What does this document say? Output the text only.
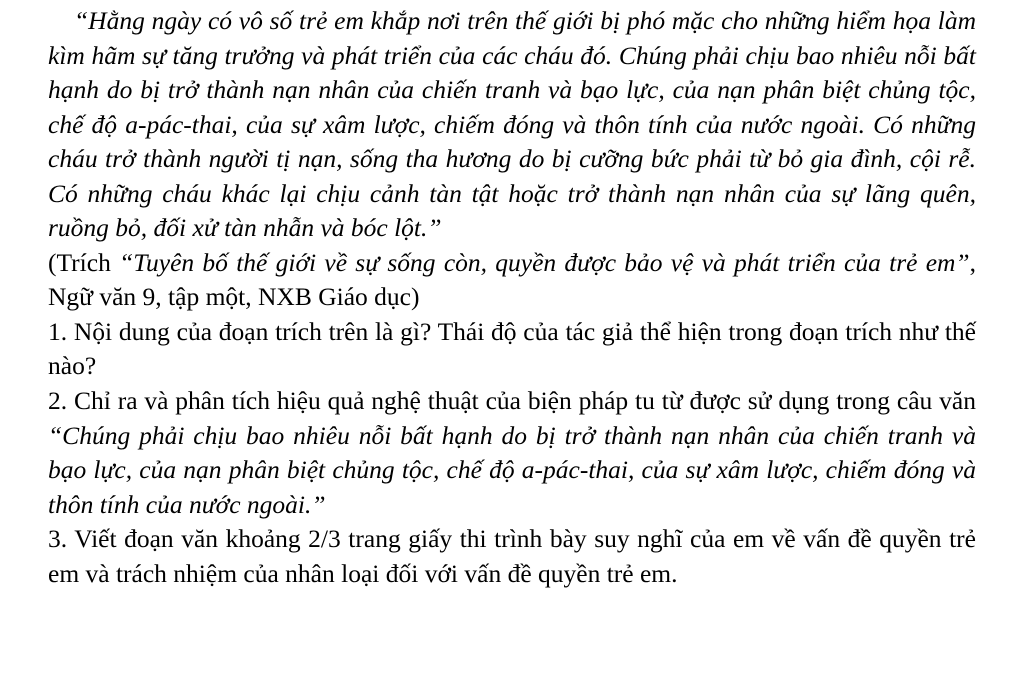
“Hằng ngày có vô số trẻ em khắp nơi trên thế giới bị phó mặc cho những hiểm họa làm kìm hãm sự tăng trưởng và phát triển của các cháu đó. Chúng phải chịu bao nhiêu nỗi bất hạnh do bị trở thành nạn nhân của chiến tranh và bạo lực, của nạn phân biệt chủng tộc, chế độ a-pác-thai, của sự xâm lược, chiếm đóng và thôn tính của nước ngoài. Có những cháu trở thành người tị nạn, sống tha hương do bị cưỡng bức phải từ bỏ gia đình, cội rễ. Có những cháu khác lại chịu cảnh tàn tật hoặc trở thành nạn nhân của sự lãng quên, ruồng bỏ, đối xử tàn nhẫn và bóc lột.”

(Trích “Tuyên bố thế giới về sự sống còn, quyền được bảo vệ và phát triển của trẻ em”, Ngữ văn 9, tập một, NXB Giáo dục)

1. Nội dung của đoạn trích trên là gì? Thái độ của tác giả thể hiện trong đoạn trích như thế nào?

2. Chỉ ra và phân tích hiệu quả nghệ thuật của biện pháp tu từ được sử dụng trong câu văn “Chúng phải chịu bao nhiêu nỗi bất hạnh do bị trở thành nạn nhân của chiến tranh và bạo lực, của nạn phân biệt chủng tộc, chế độ a-pác-thai, của sự xâm lược, chiếm đóng và thôn tính của nước ngoài.”

3. Viết đoạn văn khoảng 2/3 trang giấy thi trình bày suy nghĩ của em về vấn đề quyền trẻ em và trách nhiệm của nhân loại đối với vấn đề quyền trẻ em.
